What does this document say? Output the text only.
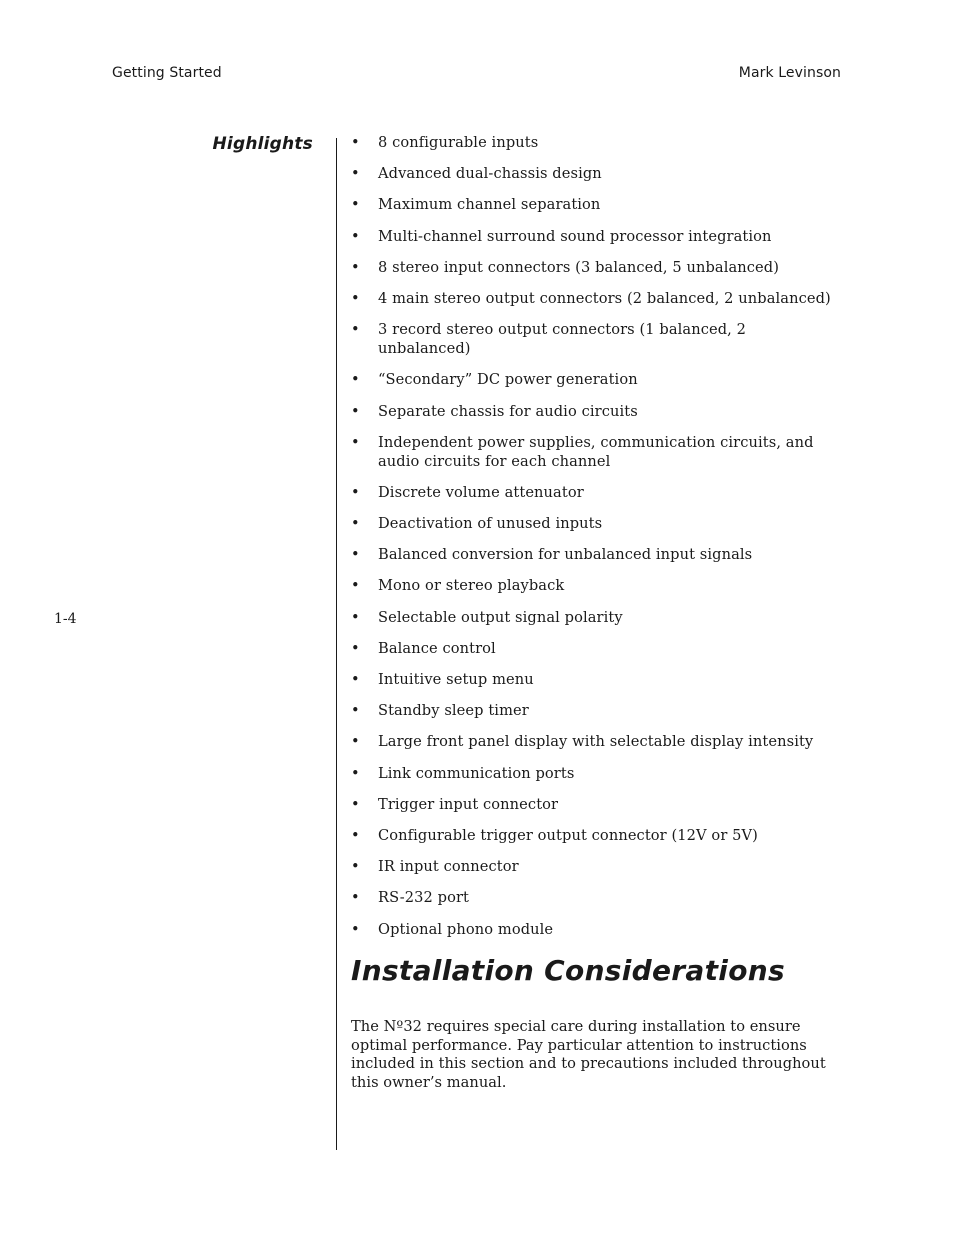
Getting Started	Mark Levinson
1-4
Highlights	• 8 configurable inputs
• Advanced dual-chassis design
• Maximum channel separation
• Multi-channel surround sound processor integration
• 8 stereo input connectors (3 balanced, 5 unbalanced)
• 4 main stereo output connectors (2 balanced, 2 unbalanced)
• 3 record stereo output connectors (1 balanced, 2 unbalanced)
• “Secondary” DC power generation
• Separate chassis for audio circuits
• Independent power supplies, communication circuits, and audio circuits for each channel
• Discrete volume attenuator
• Deactivation of unused inputs
• Balanced conversion for unbalanced input signals
• Mono or stereo playback
• Selectable output signal polarity
• Balance control
• Intuitive setup menu
• Standby sleep timer
• Large front panel display with selectable display intensity
• Link communication ports
• Trigger input connector
• Configurable trigger output connector (12V or 5V)
• IR input connector
• RS-232 port
• Optional phono module
Installation Considerations

The Nº32 requires special care during installation to ensure optimal performance. Pay particular attention to instructions included in this section and to precautions included throughout this owner’s manual.
